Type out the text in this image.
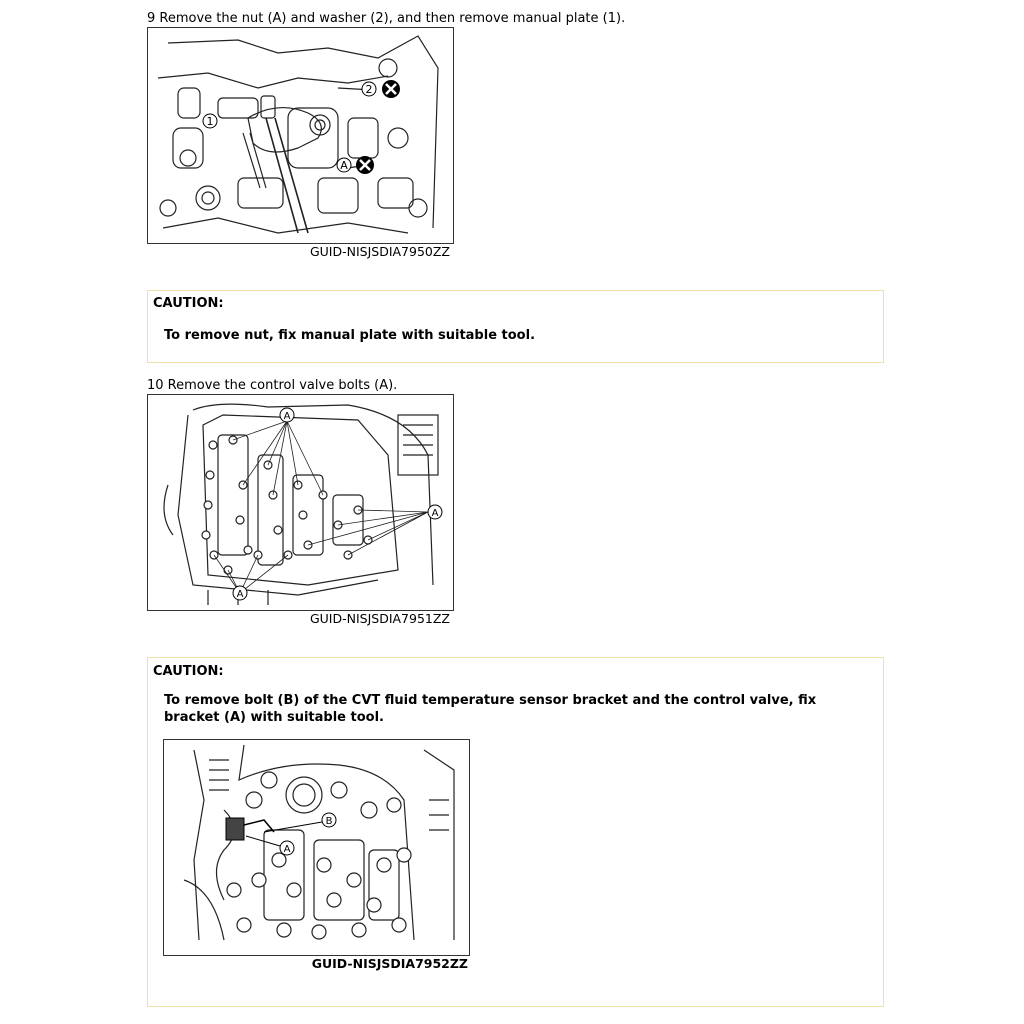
9 Remove the nut (A) and washer (2), and then remove manual plate (1).
1
2
A
GUID-NISJSDIA7950ZZ
CAUTION:
To remove nut, fix manual plate with suitable tool.
10 Remove the control valve bolts (A).
A
A
A
GUID-NISJSDIA7951ZZ
CAUTION:
To remove bolt (B) of the CVT fluid temperature sensor bracket and the control valve, fix bracket (A) with suitable tool.
B
A
GUID-NISJSDIA7952ZZ
